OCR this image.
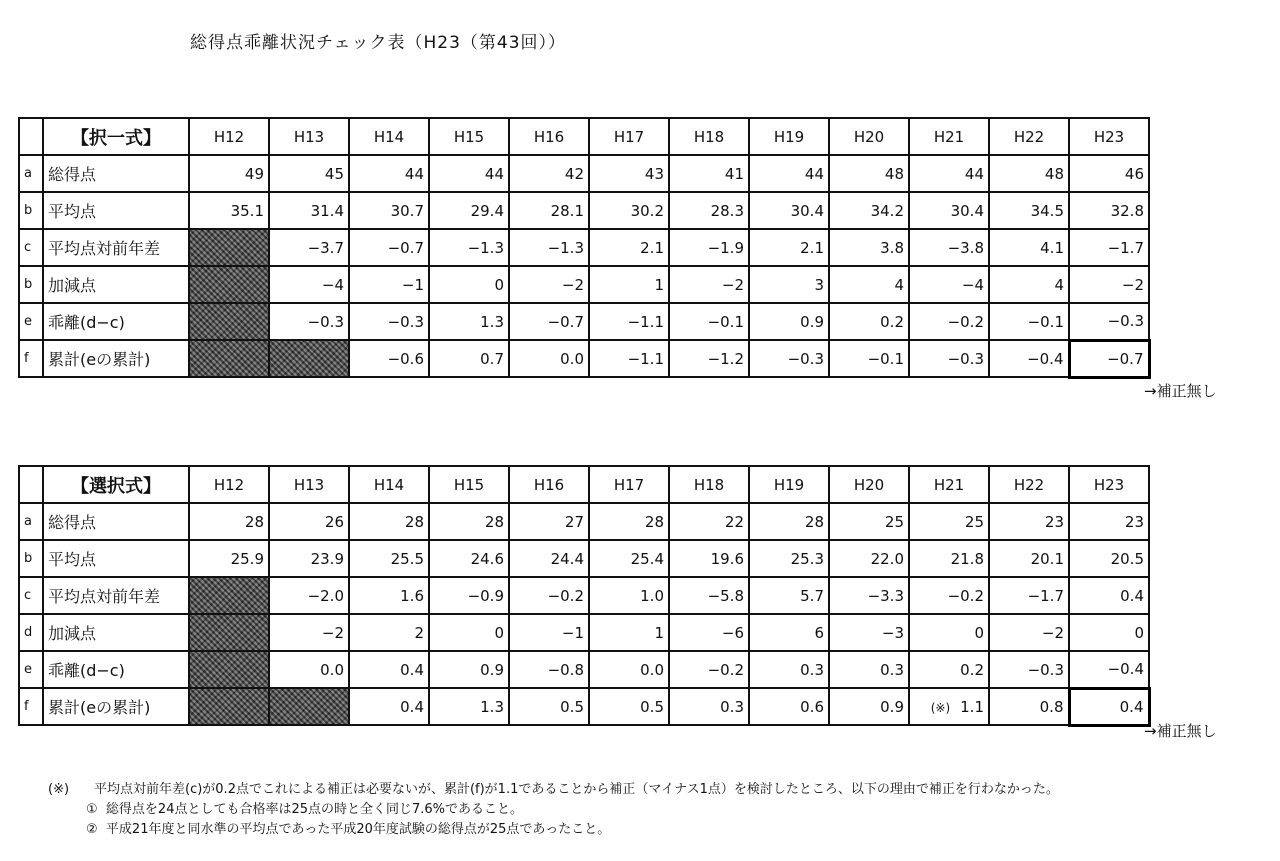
総得点乖離状況チェック表（H23（第43回））
	【択一式】	H12	H13	H14	H15	H16	H17	H18	H19	H20	H21	H22	H23
a	総得点	49	45	44	44	42	43	41	44	48	44	48	46
b	平均点	35.1	31.4	30.7	29.4	28.1	30.2	28.3	30.4	34.2	30.4	34.5	32.8
c	平均点対前年差		−3.7	−0.7	−1.3	−1.3	2.1	−1.9	2.1	3.8	−3.8	4.1	−1.7
b	加減点		−4	−1	0	−2	1	−2	3	4	−4	4	−2
e	乖離(d−c)		−0.3	−0.3	1.3	−0.7	−1.1	−0.1	0.9	0.2	−0.2	−0.1	−0.3
f	累計(eの累計)			−0.6	0.7	0.0	−1.1	−1.2	−0.3	−0.1	−0.3	−0.4	−0.7
→補正無し
	【選択式】	H12	H13	H14	H15	H16	H17	H18	H19	H20	H21	H22	H23
a	総得点	28	26	28	28	27	28	22	28	25	25	23	23
b	平均点	25.9	23.9	25.5	24.6	24.4	25.4	19.6	25.3	22.0	21.8	20.1	20.5
c	平均点対前年差		−2.0	1.6	−0.9	−0.2	1.0	−5.8	5.7	−3.3	−0.2	−1.7	0.4
d	加減点		−2	2	0	−1	1	−6	6	−3	0	−2	0
e	乖離(d−c)		0.0	0.4	0.9	−0.8	0.0	−0.2	0.3	0.3	0.2	−0.3	−0.4
f	累計(eの累計)			0.4	1.3	0.5	0.5	0.3	0.6	0.9	(※) 1.1	0.8	0.4
→補正無し
(※) 平均点対前年差(c)が0.2点でこれによる補正は必要ないが、累計(f)が1.1であることから補正（マイナス1点）を検討したところ、以下の理由で補正を行わなかった。
① 総得点を24点としても合格率は25点の時と全く同じ7.6%であること。
② 平成21年度と同水準の平均点であった平成20年度試験の総得点が25点であったこと。
